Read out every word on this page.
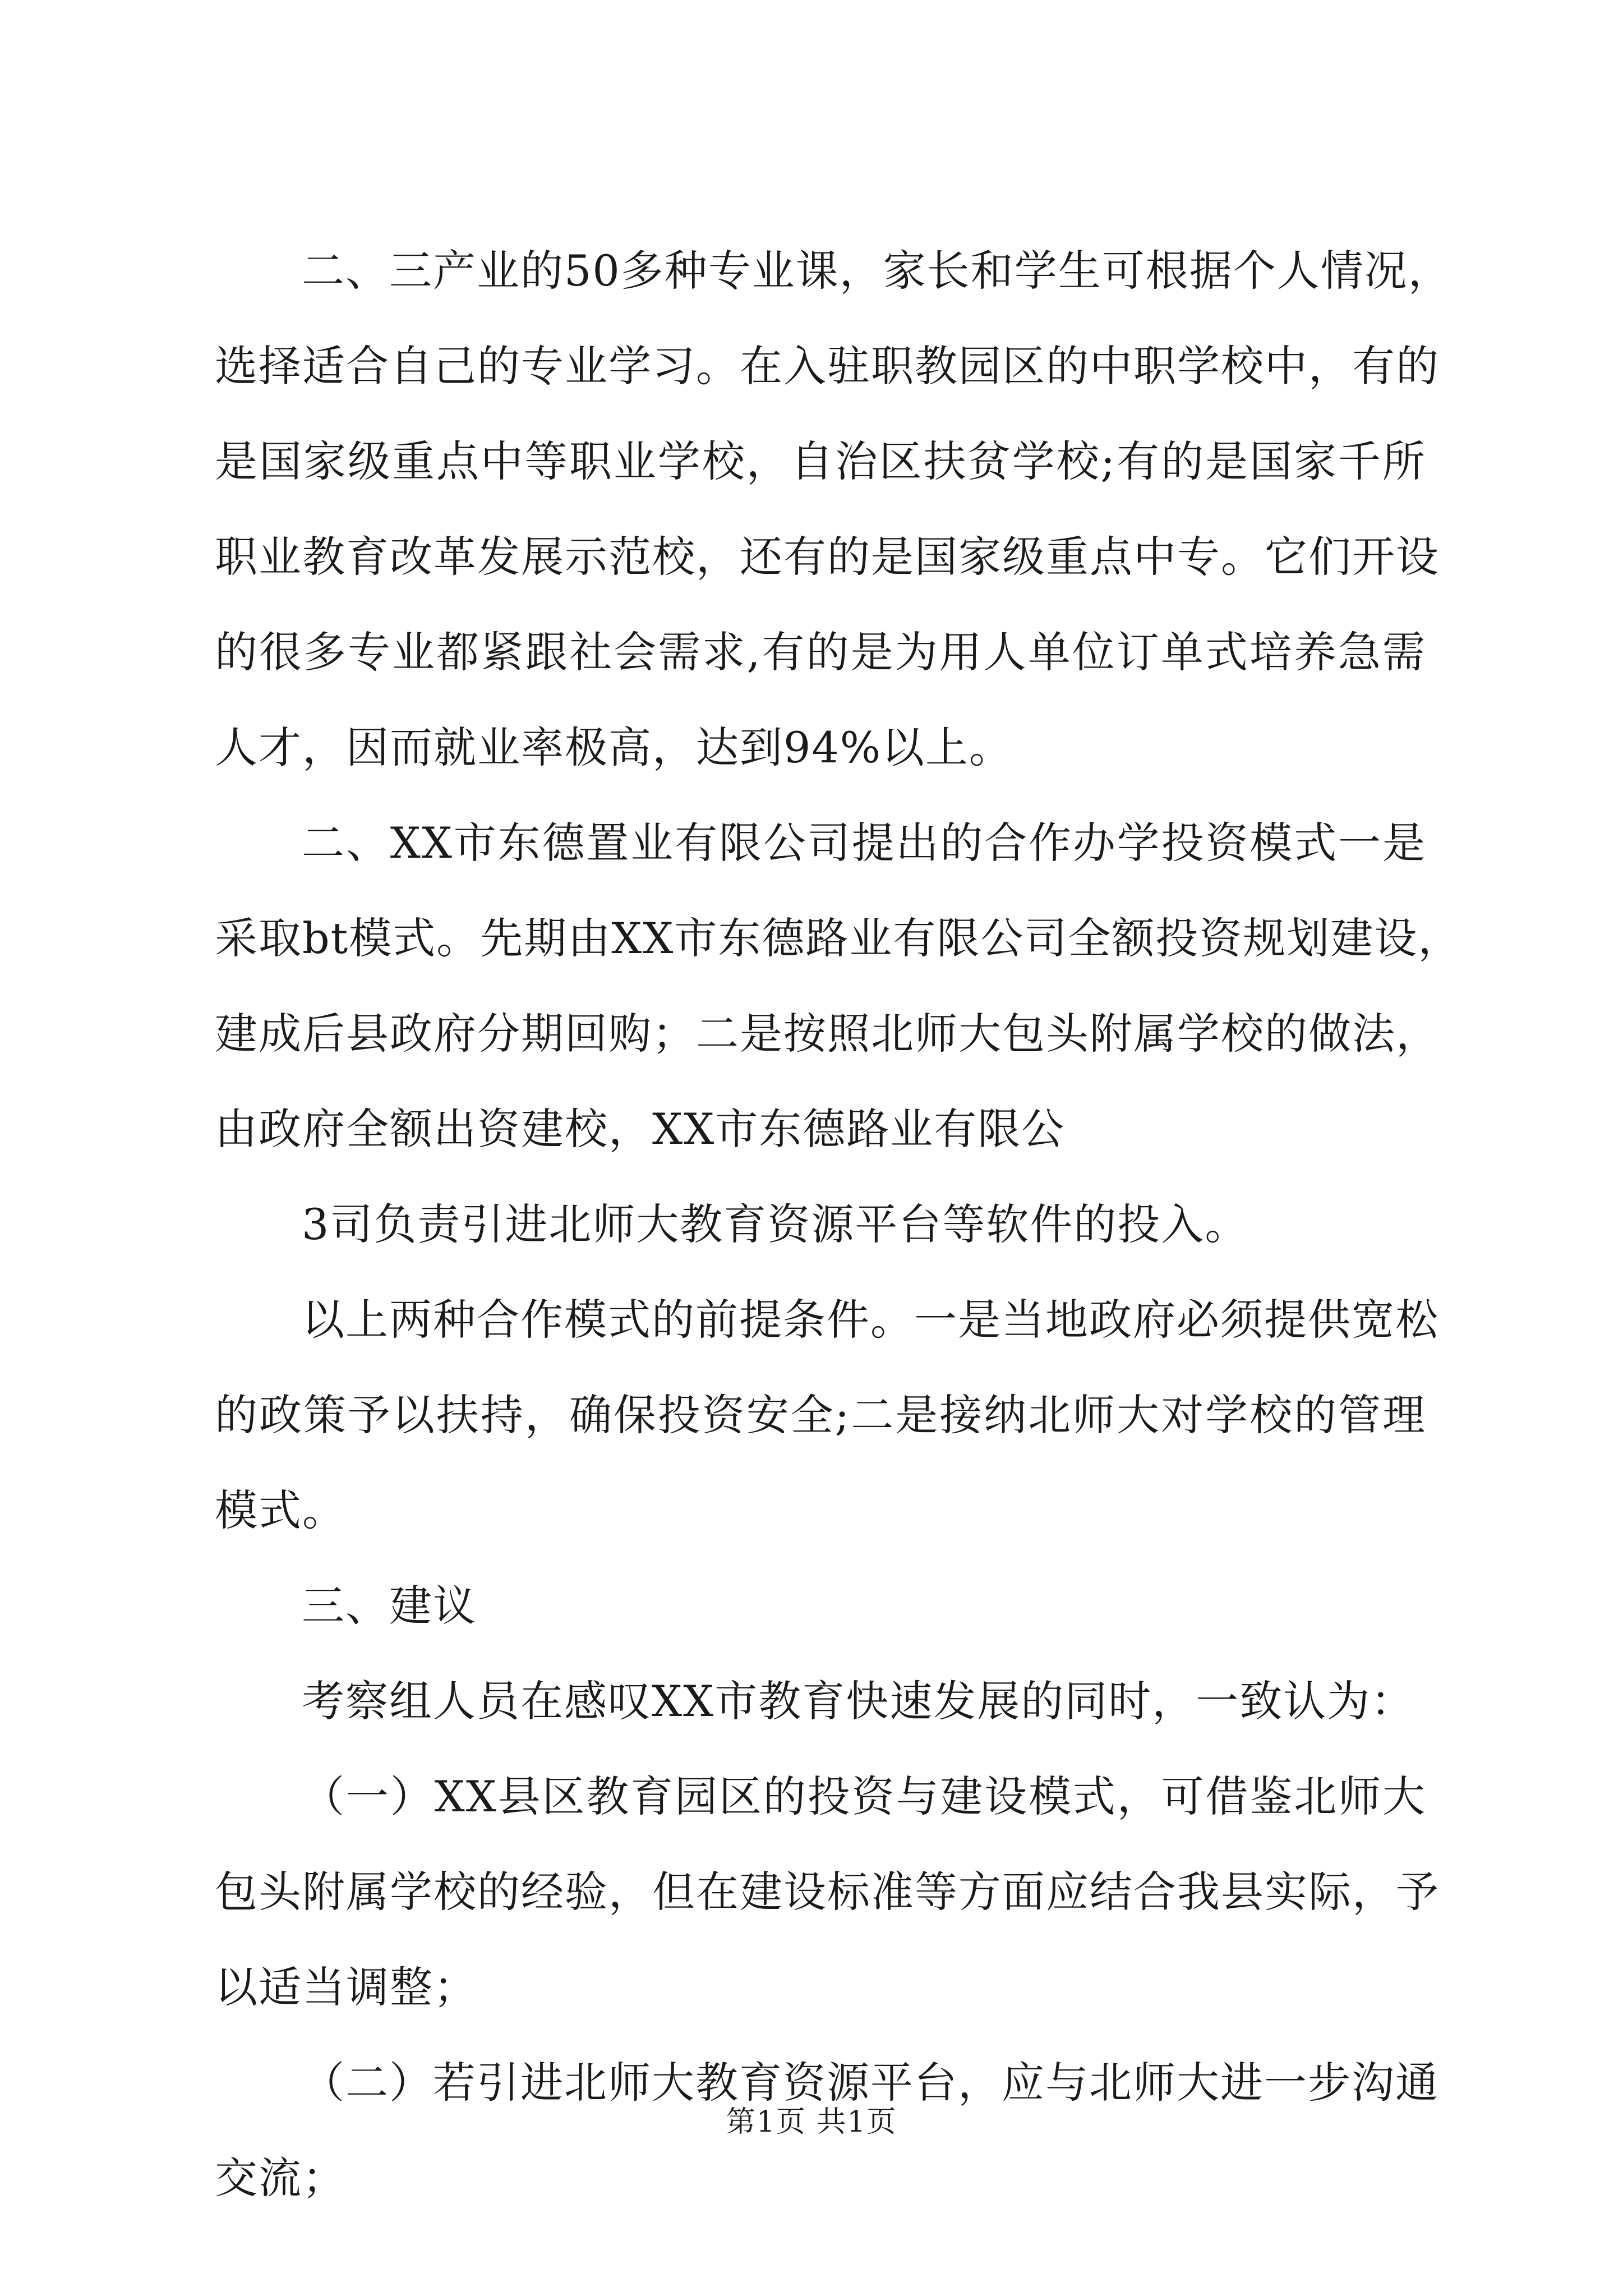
二、三产业的50多种专业课，家长和学生可根据个人情况，
选择适合自己的专业学习。在入驻职教园区的中职学校中，有的
是国家级重点中等职业学校，自治区扶贫学校;有的是国家千所
职业教育改革发展示范校，还有的是国家级重点中专。它们开设
的很多专业都紧跟社会需求,有的是为用人单位订单式培养急需
人才，因而就业率极高，达到94%以上。
二、XX市东德置业有限公司提出的合作办学投资模式一是
采取bt模式。先期由XX市东德路业有限公司全额投资规划建设，
建成后县政府分期回购；二是按照北师大包头附属学校的做法，
由政府全额出资建校，XX市东德路业有限公
3司负责引进北师大教育资源平台等软件的投入。
以上两种合作模式的前提条件。一是当地政府必须提供宽松
的政策予以扶持，确保投资安全;二是接纳北师大对学校的管理
模式。
三、建议
考察组人员在感叹XX市教育快速发展的同时，一致认为：
（一）XX县区教育园区的投资与建设模式，可借鉴北师大
包头附属学校的经验，但在建设标准等方面应结合我县实际，予
以适当调整；
（二）若引进北师大教育资源平台，应与北师大进一步沟通
交流；
第1页 共1页
